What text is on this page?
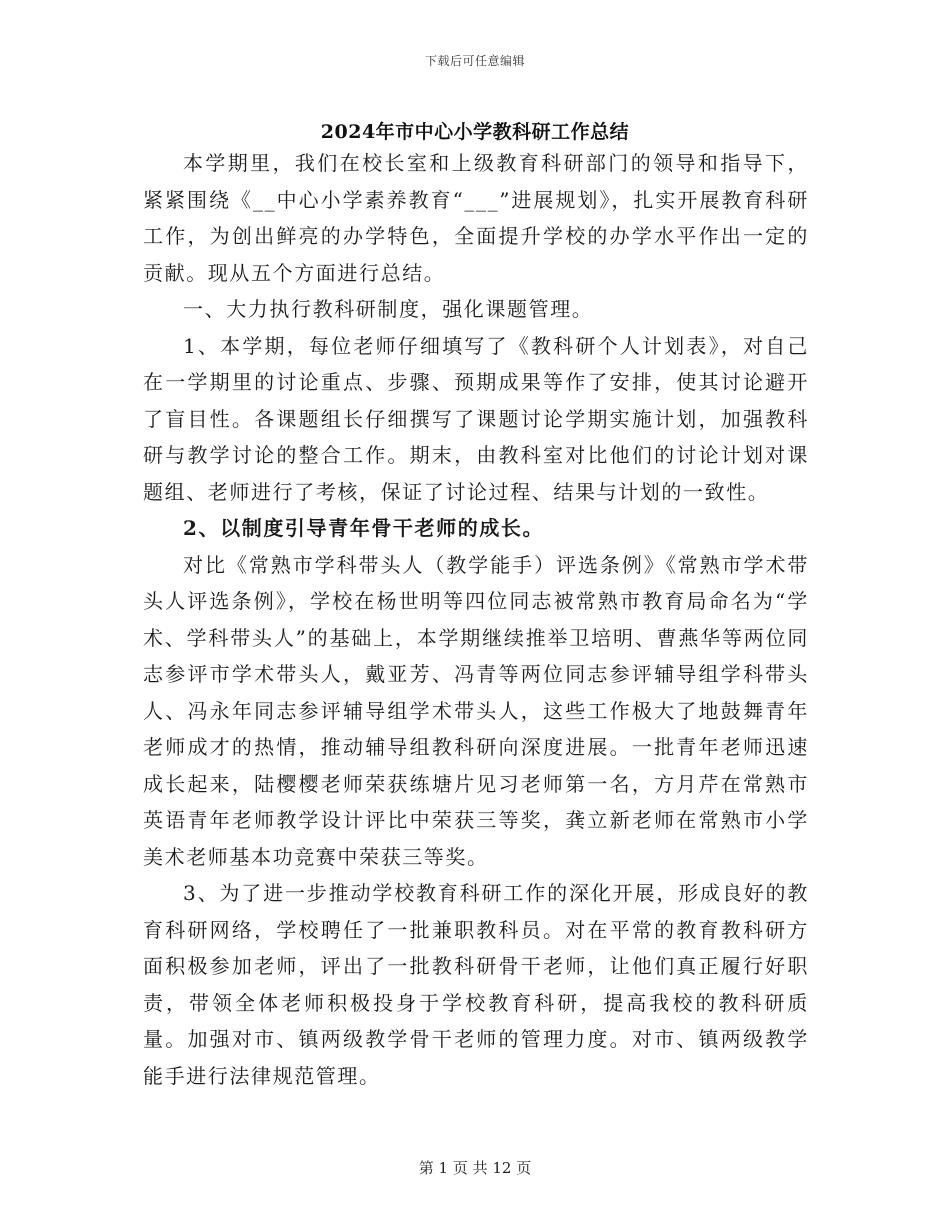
下载后可任意编辑
2024年市中心小学教科研工作总结

本学期里，我们在校长室和上级教育科研部门的领导和指导下，紧紧围绕《__中心小学素养教育“___”进展规划》，扎实开展教育科研工作，为创出鲜亮的办学特色，全面提升学校的办学水平作出一定的贡献。现从五个方面进行总结。

一、大力执行教科研制度，强化课题管理。

1、本学期，每位老师仔细填写了《教科研个人计划表》，对自己在一学期里的讨论重点、步骤、预期成果等作了安排，使其讨论避开了盲目性。各课题组长仔细撰写了课题讨论学期实施计划，加强教科研与教学讨论的整合工作。期末，由教科室对比他们的讨论计划对课题组、老师进行了考核，保证了讨论过程、结果与计划的一致性。

2、以制度引导青年骨干老师的成长。

对比《常熟市学科带头人（教学能手）评选条例》《常熟市学术带头人评选条例》，学校在杨世明等四位同志被常熟市教育局命名为“学术、学科带头人”的基础上，本学期继续推举卫培明、曹燕华等两位同志参评市学术带头人，戴亚芳、冯青等两位同志参评辅导组学科带头人、冯永年同志参评辅导组学术带头人，这些工作极大了地鼓舞青年老师成才的热情，推动辅导组教科研向深度进展。一批青年老师迅速成长起来，陆樱樱老师荣获练塘片见习老师第一名，方月芹在常熟市英语青年老师教学设计评比中荣获三等奖，龚立新老师在常熟市小学美术老师基本功竞赛中荣获三等奖。

3、为了进一步推动学校教育科研工作的深化开展，形成良好的教育科研网络，学校聘任了一批兼职教科员。对在平常的教育教科研方面积极参加老师，评出了一批教科研骨干老师，让他们真正履行好职责，带领全体老师积极投身于学校教育科研，提高我校的教科研质量。加强对市、镇两级教学骨干老师的管理力度。对市、镇两级教学能手进行法律规范管理。

第 1 页 共 12 页
